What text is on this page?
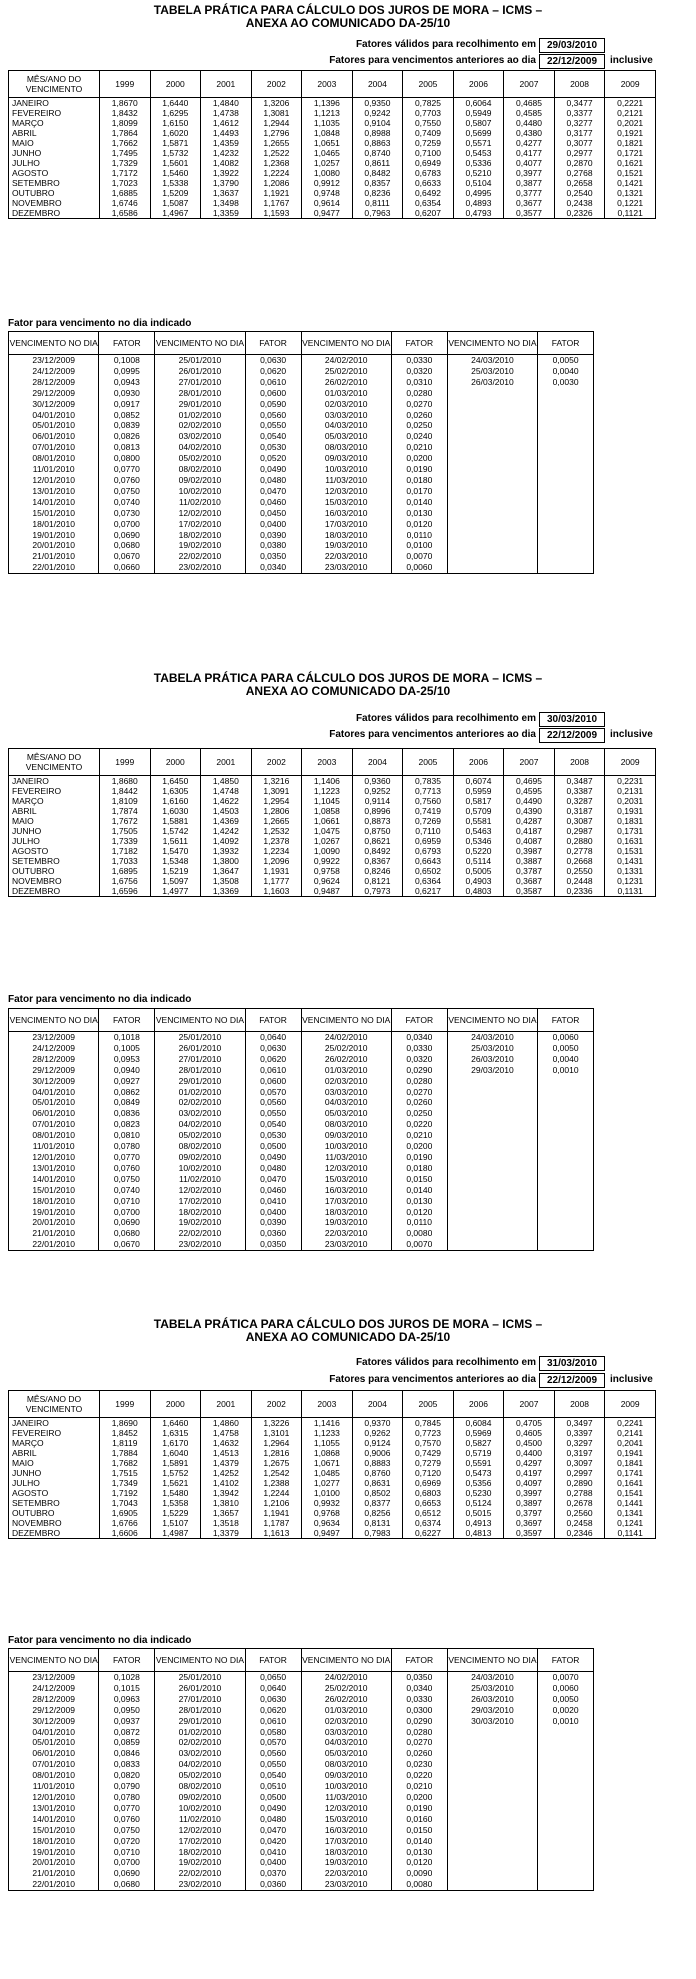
TABELA PRÁTICA PARA CÁLCULO DOS JUROS DE MORA – ICMS –
ANEXA AO COMUNICADO DA-25/10
Fatores válidos para recolhimento em	29/03/2010
Fatores para vencimentos anteriores ao dia	22/12/2009	inclusive
MÊS/ANO DO VENCIMENTO	1999	2000	2001	2002	2003	2004	2005	2006	2007	2008	2009
JANEIRO	1,8670	1,6440	1,4840	1,3206	1,1396	0,9350	0,7825	0,6064	0,4685	0,3477	0,2221
FEVEREIRO	1,8432	1,6295	1,4738	1,3081	1,1213	0,9242	0,7703	0,5949	0,4585	0,3377	0,2121
MARÇO	1,8099	1,6150	1,4612	1,2944	1,1035	0,9104	0,7550	0,5807	0,4480	0,3277	0,2021
ABRIL	1,7864	1,6020	1,4493	1,2796	1,0848	0,8988	0,7409	0,5699	0,4380	0,3177	0,1921
MAIO	1,7662	1,5871	1,4359	1,2655	1,0651	0,8863	0,7259	0,5571	0,4277	0,3077	0,1821
JUNHO	1,7495	1,5732	1,4232	1,2522	1,0465	0,8740	0,7100	0,5453	0,4177	0,2977	0,1721
JULHO	1,7329	1,5601	1,4082	1,2368	1,0257	0,8611	0,6949	0,5336	0,4077	0,2870	0,1621
AGOSTO	1,7172	1,5460	1,3922	1,2224	1,0080	0,8482	0,6783	0,5210	0,3977	0,2768	0,1521
SETEMBRO	1,7023	1,5338	1,3790	1,2086	0,9912	0,8357	0,6633	0,5104	0,3877	0,2658	0,1421
OUTUBRO	1,6885	1,5209	1,3637	1,1921	0,9748	0,8236	0,6492	0,4995	0,3777	0,2540	0,1321
NOVEMBRO	1,6746	1,5087	1,3498	1,1767	0,9614	0,8111	0,6354	0,4893	0,3677	0,2438	0,1221
DEZEMBRO	1,6586	1,4967	1,3359	1,1593	0,9477	0,7963	0,6207	0,4793	0,3577	0,2326	0,1121
Fator para vencimento no dia indicado
VENCIMENTO NO DIA	FATOR	VENCIMENTO NO DIA	FATOR	VENCIMENTO NO DIA	FATOR	VENCIMENTO NO DIA	FATOR
23/12/2009	0,1008	25/01/2010	0,0630	24/02/2010	0,0330	24/03/2010	0,0050
24/12/2009	0,0995	26/01/2010	0,0620	25/02/2010	0,0320	25/03/2010	0,0040
28/12/2009	0,0943	27/01/2010	0,0610	26/02/2010	0,0310	26/03/2010	0,0030
29/12/2009	0,0930	28/01/2010	0,0600	01/03/2010	0,0280		
30/12/2009	0,0917	29/01/2010	0,0590	02/03/2010	0,0270		
04/01/2010	0,0852	01/02/2010	0,0560	03/03/2010	0,0260		
05/01/2010	0,0839	02/02/2010	0,0550	04/03/2010	0,0250		
06/01/2010	0,0826	03/02/2010	0,0540	05/03/2010	0,0240		
07/01/2010	0,0813	04/02/2010	0,0530	08/03/2010	0,0210		
08/01/2010	0,0800	05/02/2010	0,0520	09/03/2010	0,0200		
11/01/2010	0,0770	08/02/2010	0,0490	10/03/2010	0,0190		
12/01/2010	0,0760	09/02/2010	0,0480	11/03/2010	0,0180		
13/01/2010	0,0750	10/02/2010	0,0470	12/03/2010	0,0170		
14/01/2010	0,0740	11/02/2010	0,0460	15/03/2010	0,0140		
15/01/2010	0,0730	12/02/2010	0,0450	16/03/2010	0,0130		
18/01/2010	0,0700	17/02/2010	0,0400	17/03/2010	0,0120		
19/01/2010	0,0690	18/02/2010	0,0390	18/03/2010	0,0110		
20/01/2010	0,0680	19/02/2010	0,0380	19/03/2010	0,0100		
21/01/2010	0,0670	22/02/2010	0,0350	22/03/2010	0,0070		
22/01/2010	0,0660	23/02/2010	0,0340	23/03/2010	0,0060		
TABELA PRÁTICA PARA CÁLCULO DOS JUROS DE MORA – ICMS –
ANEXA AO COMUNICADO DA-25/10
Fatores válidos para recolhimento em	30/03/2010
Fatores para vencimentos anteriores ao dia	22/12/2009	inclusive
MÊS/ANO DO VENCIMENTO	1999	2000	2001	2002	2003	2004	2005	2006	2007	2008	2009
JANEIRO	1,8680	1,6450	1,4850	1,3216	1,1406	0,9360	0,7835	0,6074	0,4695	0,3487	0,2231
FEVEREIRO	1,8442	1,6305	1,4748	1,3091	1,1223	0,9252	0,7713	0,5959	0,4595	0,3387	0,2131
MARÇO	1,8109	1,6160	1,4622	1,2954	1,1045	0,9114	0,7560	0,5817	0,4490	0,3287	0,2031
ABRIL	1,7874	1,6030	1,4503	1,2806	1,0858	0,8996	0,7419	0,5709	0,4390	0,3187	0,1931
MAIO	1,7672	1,5881	1,4369	1,2665	1,0661	0,8873	0,7269	0,5581	0,4287	0,3087	0,1831
JUNHO	1,7505	1,5742	1,4242	1,2532	1,0475	0,8750	0,7110	0,5463	0,4187	0,2987	0,1731
JULHO	1,7339	1,5611	1,4092	1,2378	1,0267	0,8621	0,6959	0,5346	0,4087	0,2880	0,1631
AGOSTO	1,7182	1,5470	1,3932	1,2234	1,0090	0,8492	0,6793	0,5220	0,3987	0,2778	0,1531
SETEMBRO	1,7033	1,5348	1,3800	1,2096	0,9922	0,8367	0,6643	0,5114	0,3887	0,2668	0,1431
OUTUBRO	1,6895	1,5219	1,3647	1,1931	0,9758	0,8246	0,6502	0,5005	0,3787	0,2550	0,1331
NOVEMBRO	1,6756	1,5097	1,3508	1,1777	0,9624	0,8121	0,6364	0,4903	0,3687	0,2448	0,1231
DEZEMBRO	1,6596	1,4977	1,3369	1,1603	0,9487	0,7973	0,6217	0,4803	0,3587	0,2336	0,1131
Fator para vencimento no dia indicado
VENCIMENTO NO DIA	FATOR	VENCIMENTO NO DIA	FATOR	VENCIMENTO NO DIA	FATOR	VENCIMENTO NO DIA	FATOR
23/12/2009	0,1018	25/01/2010	0,0640	24/02/2010	0,0340	24/03/2010	0,0060
24/12/2009	0,1005	26/01/2010	0,0630	25/02/2010	0,0330	25/03/2010	0,0050
28/12/2009	0,0953	27/01/2010	0,0620	26/02/2010	0,0320	26/03/2010	0,0040
29/12/2009	0,0940	28/01/2010	0,0610	01/03/2010	0,0290	29/03/2010	0,0010
30/12/2009	0,0927	29/01/2010	0,0600	02/03/2010	0,0280		
04/01/2010	0,0862	01/02/2010	0,0570	03/03/2010	0,0270		
05/01/2010	0,0849	02/02/2010	0,0560	04/03/2010	0,0260		
06/01/2010	0,0836	03/02/2010	0,0550	05/03/2010	0,0250		
07/01/2010	0,0823	04/02/2010	0,0540	08/03/2010	0,0220		
08/01/2010	0,0810	05/02/2010	0,0530	09/03/2010	0,0210		
11/01/2010	0,0780	08/02/2010	0,0500	10/03/2010	0,0200		
12/01/2010	0,0770	09/02/2010	0,0490	11/03/2010	0,0190		
13/01/2010	0,0760	10/02/2010	0,0480	12/03/2010	0,0180		
14/01/2010	0,0750	11/02/2010	0,0470	15/03/2010	0,0150		
15/01/2010	0,0740	12/02/2010	0,0460	16/03/2010	0,0140		
18/01/2010	0,0710	17/02/2010	0,0410	17/03/2010	0,0130		
19/01/2010	0,0700	18/02/2010	0,0400	18/03/2010	0,0120		
20/01/2010	0,0690	19/02/2010	0,0390	19/03/2010	0,0110		
21/01/2010	0,0680	22/02/2010	0,0360	22/03/2010	0,0080		
22/01/2010	0,0670	23/02/2010	0,0350	23/03/2010	0,0070		
TABELA PRÁTICA PARA CÁLCULO DOS JUROS DE MORA – ICMS –
ANEXA AO COMUNICADO DA-25/10
Fatores válidos para recolhimento em	31/03/2010
Fatores para vencimentos anteriores ao dia	22/12/2009	inclusive
MÊS/ANO DO VENCIMENTO	1999	2000	2001	2002	2003	2004	2005	2006	2007	2008	2009
JANEIRO	1,8690	1,6460	1,4860	1,3226	1,1416	0,9370	0,7845	0,6084	0,4705	0,3497	0,2241
FEVEREIRO	1,8452	1,6315	1,4758	1,3101	1,1233	0,9262	0,7723	0,5969	0,4605	0,3397	0,2141
MARÇO	1,8119	1,6170	1,4632	1,2964	1,1055	0,9124	0,7570	0,5827	0,4500	0,3297	0,2041
ABRIL	1,7884	1,6040	1,4513	1,2816	1,0868	0,9006	0,7429	0,5719	0,4400	0,3197	0,1941
MAIO	1,7682	1,5891	1,4379	1,2675	1,0671	0,8883	0,7279	0,5591	0,4297	0,3097	0,1841
JUNHO	1,7515	1,5752	1,4252	1,2542	1,0485	0,8760	0,7120	0,5473	0,4197	0,2997	0,1741
JULHO	1,7349	1,5621	1,4102	1,2388	1,0277	0,8631	0,6969	0,5356	0,4097	0,2890	0,1641
AGOSTO	1,7192	1,5480	1,3942	1,2244	1,0100	0,8502	0,6803	0,5230	0,3997	0,2788	0,1541
SETEMBRO	1,7043	1,5358	1,3810	1,2106	0,9932	0,8377	0,6653	0,5124	0,3897	0,2678	0,1441
OUTUBRO	1,6905	1,5229	1,3657	1,1941	0,9768	0,8256	0,6512	0,5015	0,3797	0,2560	0,1341
NOVEMBRO	1,6766	1,5107	1,3518	1,1787	0,9634	0,8131	0,6374	0,4913	0,3697	0,2458	0,1241
DEZEMBRO	1,6606	1,4987	1,3379	1,1613	0,9497	0,7983	0,6227	0,4813	0,3597	0,2346	0,1141
Fator para vencimento no dia indicado
VENCIMENTO NO DIA	FATOR	VENCIMENTO NO DIA	FATOR	VENCIMENTO NO DIA	FATOR	VENCIMENTO NO DIA	FATOR
23/12/2009	0,1028	25/01/2010	0,0650	24/02/2010	0,0350	24/03/2010	0,0070
24/12/2009	0,1015	26/01/2010	0,0640	25/02/2010	0,0340	25/03/2010	0,0060
28/12/2009	0,0963	27/01/2010	0,0630	26/02/2010	0,0330	26/03/2010	0,0050
29/12/2009	0,0950	28/01/2010	0,0620	01/03/2010	0,0300	29/03/2010	0,0020
30/12/2009	0,0937	29/01/2010	0,0610	02/03/2010	0,0290	30/03/2010	0,0010
04/01/2010	0,0872	01/02/2010	0,0580	03/03/2010	0,0280		
05/01/2010	0,0859	02/02/2010	0,0570	04/03/2010	0,0270		
06/01/2010	0,0846	03/02/2010	0,0560	05/03/2010	0,0260		
07/01/2010	0,0833	04/02/2010	0,0550	08/03/2010	0,0230		
08/01/2010	0,0820	05/02/2010	0,0540	09/03/2010	0,0220		
11/01/2010	0,0790	08/02/2010	0,0510	10/03/2010	0,0210		
12/01/2010	0,0780	09/02/2010	0,0500	11/03/2010	0,0200		
13/01/2010	0,0770	10/02/2010	0,0490	12/03/2010	0,0190		
14/01/2010	0,0760	11/02/2010	0,0480	15/03/2010	0,0160		
15/01/2010	0,0750	12/02/2010	0,0470	16/03/2010	0,0150		
18/01/2010	0,0720	17/02/2010	0,0420	17/03/2010	0,0140		
19/01/2010	0,0710	18/02/2010	0,0410	18/03/2010	0,0130		
20/01/2010	0,0700	19/02/2010	0,0400	19/03/2010	0,0120		
21/01/2010	0,0690	22/02/2010	0,0370	22/03/2010	0,0090		
22/01/2010	0,0680	23/02/2010	0,0360	23/03/2010	0,0080		
